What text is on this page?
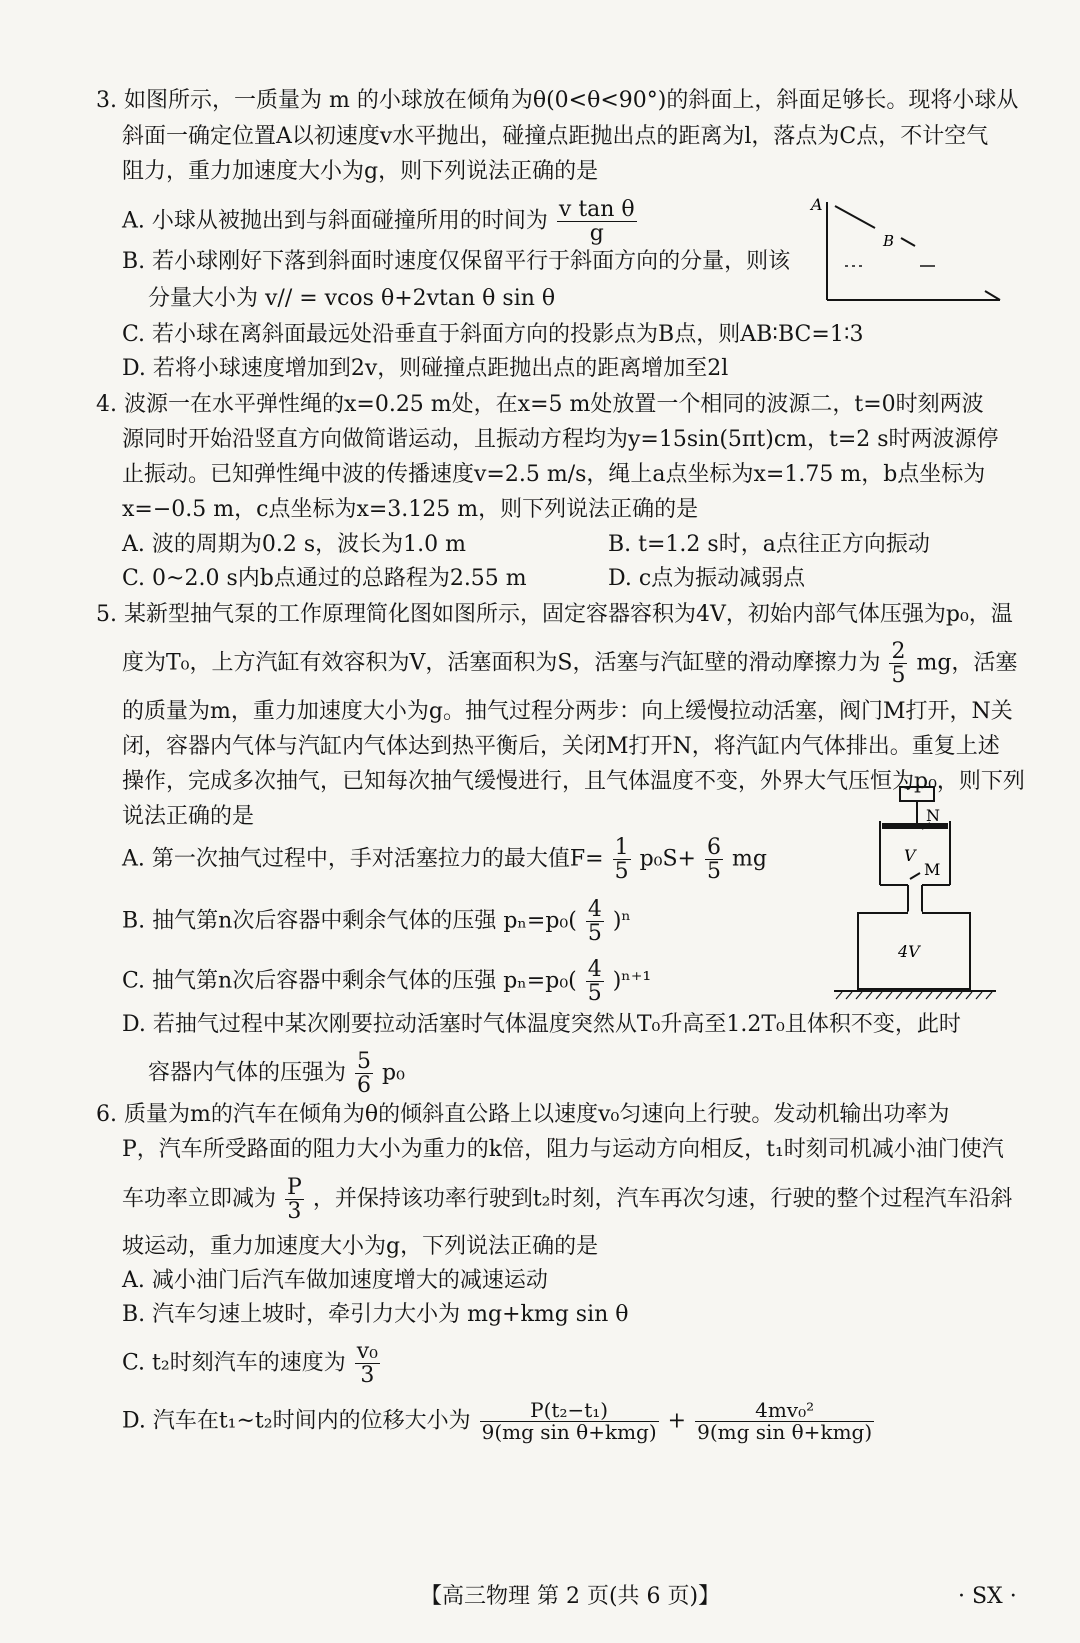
3. 如图所示，一质量为 m 的小球放在倾角为θ(0<θ<90°)的斜面上，斜面足够长。现将小球从
斜面一确定位置A以初速度v水平抛出，碰撞点距抛出点的距离为l，落点为C点，不计空气
阻力，重力加速度大小为g，则下列说法正确的是
A. 小球从被抛出到与斜面碰撞所用的时间为 $\frac{\text{v tan θ}}{g}$
B. 若小球刚好下落到斜面时速度仅保留平行于斜面方向的分量，则该
分量大小为 v// = vcos θ+2vtan θ sin θ
C. 若小球在离斜面最远处沿垂直于斜面方向的投影点为B点，则AB∶BC=1∶3
D. 若将小球速度增加到2v，则碰撞点距抛出点的距离增加至2l
A
B
4. 波源一在水平弹性绳的x=0.25 m处，在x=5 m处放置一个相同的波源二，t=0时刻两波
源同时开始沿竖直方向做简谐运动，且振动方程均为y=15sin(5πt)cm，t=2 s时两波源停
止振动。已知弹性绳中波的传播速度v=2.5 m/s，绳上a点坐标为x=1.75 m，b点坐标为
x=−0.5 m，c点坐标为x=3.125 m，则下列说法正确的是
A. 波的周期为0.2 s，波长为1.0 m	B. t=1.2 s时，a点往正方向振动
C. 0~2.0 s内b点通过的总路程为2.55 m	D. c点为振动减弱点
5. 某新型抽气泵的工作原理简化图如图所示，固定容器容积为4V，初始内部气体压强为p₀，温
度为T₀，上方汽缸有效容积为V，活塞面积为S，活塞与汽缸壁的滑动摩擦力为 $\frac{2}{5}$ mg，活塞
的质量为m，重力加速度大小为g。抽气过程分两步：向上缓慢拉动活塞，阀门M打开，N关
闭，容器内气体与汽缸内气体达到热平衡后，关闭M打开N，将汽缸内气体排出。重复上述
操作，完成多次抽气，已知每次抽气缓慢进行，且气体温度不变，外界大气压恒为p₀，则下列
说法正确的是
A. 第一次抽气过程中，手对活塞拉力的最大值$F= \frac{1}{5} p_0S+ \frac{6}{5}$ mg
B. 抽气第n次后容器中剩余气体的压强 $p_n=p_0( \frac{4}{5} )^n$
C. 抽气第n次后容器中剩余气体的压强 $p_n=p_0( \frac{4}{5} )^{n+1}$
D. 若抽气过程中某次刚要拉动活塞时气体温度突然从T₀升高至1.2T₀且体积不变，此时
容器内气体的压强为 $\frac{5}{6} p_0$
N
V
M
4V
6. 质量为m的汽车在倾角为θ的倾斜直公路上以速度v₀匀速向上行驶。发动机输出功率为
P，汽车所受路面的阻力大小为重力的k倍，阻力与运动方向相反，t₁时刻司机减小油门使汽
车功率立即减为 $\frac{P}{3}$ ，并保持该功率行驶到t₂时刻，汽车再次匀速，行驶的整个过程汽车沿斜
坡运动，重力加速度大小为g，下列说法正确的是
A. 减小油门后汽车做加速度增大的减速运动
B. 汽车匀速上坡时，牵引力大小为 mg+kmg sin θ
C. t₂时刻汽车的速度为 $\frac{\text{v₀}}{3}$
D. 汽车在t₁~t₂时间内的位移大小为 $\frac{\text{P(t₂−t₁)}}{\text{9(mg sin θ+kmg)}} + \frac{\text{4mv₀²}}{\text{9(mg sin θ+kmg)}}$
【高三物理 第 2 页(共 6 页)】	· SX ·
